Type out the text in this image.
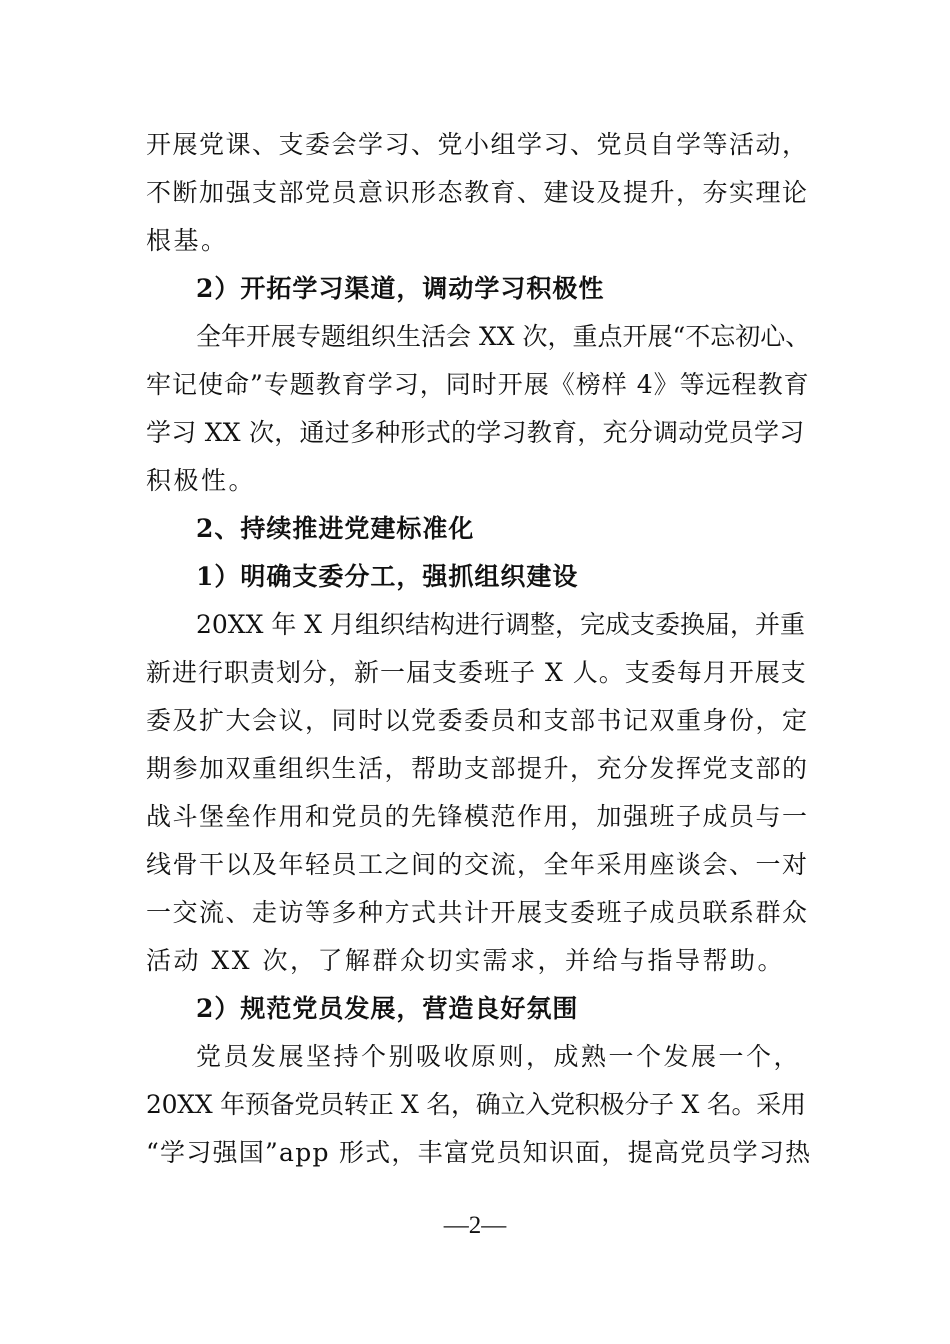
开展党课、支委会学习、党小组学习、党员自学等活动，
不断加强支部党员意识形态教育、建设及提升，夯实理论
根基。
2）开拓学习渠道，调动学习积极性
全年开展专题组织生活会 XX 次，重点开展“不忘初心、
牢记使命”专题教育学习，同时开展《榜样 4》等远程教育
学习 XX 次，通过多种形式的学习教育，充分调动党员学习
积极性。
2、持续推进党建标准化
1）明确支委分工，强抓组织建设
20XX 年 X 月组织结构进行调整，完成支委换届，并重
新进行职责划分，新一届支委班子 X 人。支委每月开展支
委及扩大会议，同时以党委委员和支部书记双重身份，定
期参加双重组织生活，帮助支部提升，充分发挥党支部的
战斗堡垒作用和党员的先锋模范作用，加强班子成员与一
线骨干以及年轻员工之间的交流，全年采用座谈会、一对
一交流、走访等多种方式共计开展支委班子成员联系群众
活动 XX 次，了解群众切实需求，并给与指导帮助。
2）规范党员发展，营造良好氛围
党员发展坚持个别吸收原则，成熟一个发展一个，
20XX 年预备党员转正 X 名，确立入党积极分子 X 名。采用
“学习强国”app 形式，丰富党员知识面，提高党员学习热
—2—
